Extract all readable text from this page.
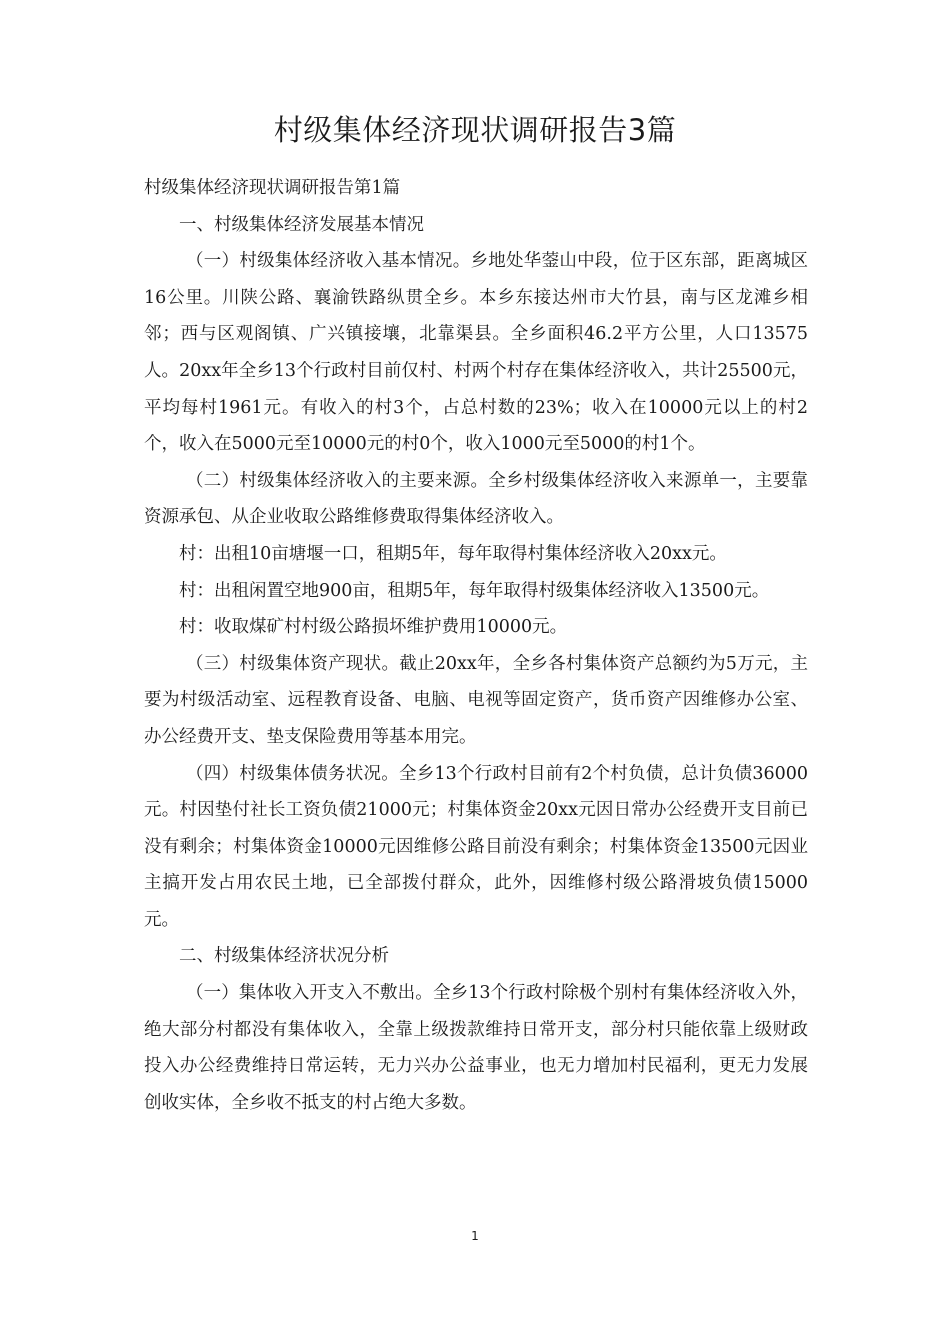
村级集体经济现状调研报告3篇

村级集体经济现状调研报告第1篇

一、村级集体经济发展基本情况

（一）村级集体经济收入基本情况。乡地处华蓥山中段，位于区东部，距离城区16公里。川陕公路、襄渝铁路纵贯全乡。本乡东接达州市大竹县，南与区龙滩乡相邻；西与区观阁镇、广兴镇接壤，北靠渠县。全乡面积46.2平方公里，人口13575人。20xx年全乡13个行政村目前仅村、村两个村存在集体经济收入，共计25500元，平均每村1961元。有收入的村3个，占总村数的23%；收入在10000元以上的村2个，收入在5000元至10000元的村0个，收入1000元至5000的村1个。

（二）村级集体经济收入的主要来源。全乡村级集体经济收入来源单一，主要靠资源承包、从企业收取公路维修费取得集体经济收入。

村：出租10亩塘堰一口，租期5年，每年取得村集体经济收入20xx元。

村：出租闲置空地900亩，租期5年，每年取得村级集体经济收入13500元。

村：收取煤矿村村级公路损坏维护费用10000元。

（三）村级集体资产现状。截止20xx年，全乡各村集体资产总额约为5万元，主要为村级活动室、远程教育设备、电脑、电视等固定资产，货币资产因维修办公室、办公经费开支、垫支保险费用等基本用完。

（四）村级集体债务状况。全乡13个行政村目前有2个村负债，总计负债36000元。村因垫付社长工资负债21000元；村集体资金20xx元因日常办公经费开支目前已没有剩余；村集体资金10000元因维修公路目前没有剩余；村集体资金13500元因业主搞开发占用农民土地，已全部拨付群众，此外，因维修村级公路滑坡负债15000元。

二、村级集体经济状况分析

（一）集体收入开支入不敷出。全乡13个行政村除极个别村有集体经济收入外，绝大部分村都没有集体收入，全靠上级拨款维持日常开支，部分村只能依靠上级财政投入办公经费维持日常运转，无力兴办公益事业，也无力增加村民福利，更无力发展创收实体，全乡收不抵支的村占绝大多数。

1
